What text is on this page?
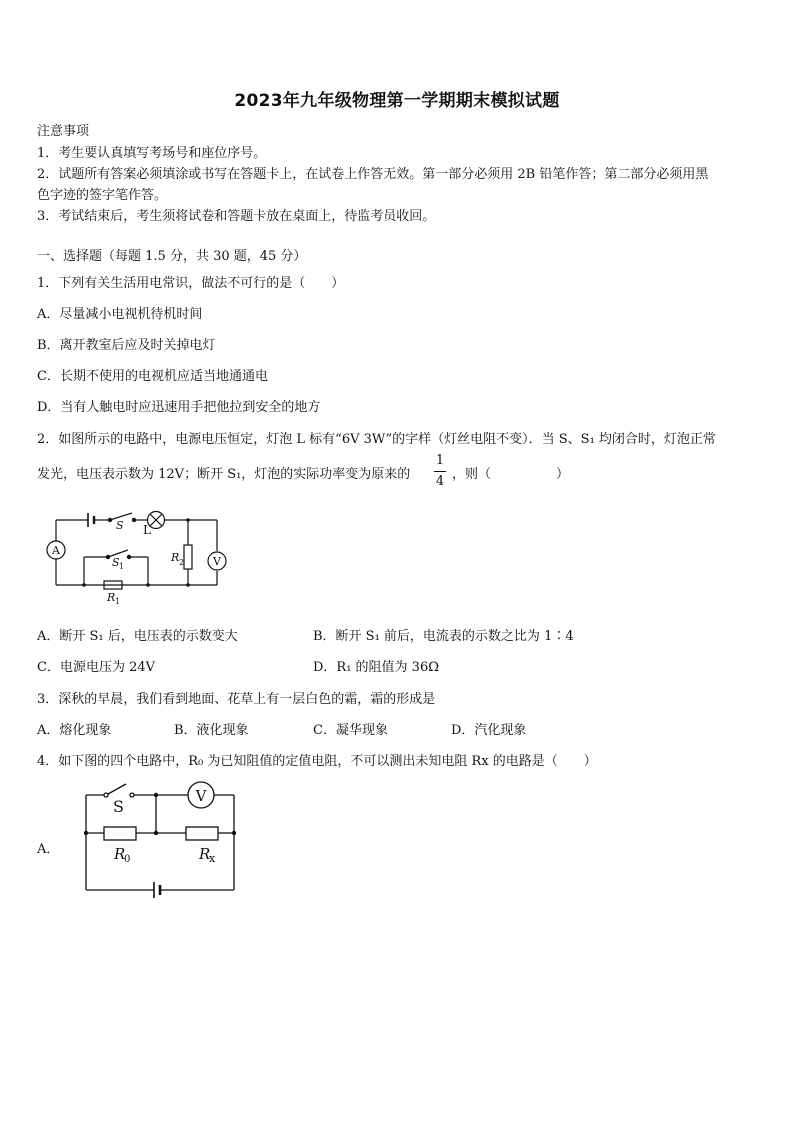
2023年九年级物理第一学期期末模拟试题
注意事项
1．考生要认真填写考场号和座位序号。
2．试题所有答案必须填涂或书写在答题卡上，在试卷上作答无效。第一部分必须用 2B 铅笔作答；第二部分必须用黑
色字迹的签字笔作答。
3．考试结束后，考生须将试卷和答题卡放在桌面上，待监考员收回。
一、选择题（每题 1.5 分，共 30 题，45 分）
1．下列有关生活用电常识，做法不可行的是（　　）
A．尽量减小电视机待机时间
B．离开教室后应及时关掉电灯
C．长期不使用的电视机应适当地通通电
D．当有人触电时应迅速用手把他拉到安全的地方
2．如图所示的电路中，电源电压恒定，灯泡 L 标有“6V 3W”的字样（灯丝电阻不变）．当 S、S₁ 均闭合时，灯泡正常
发光，电压表示数为 12V；断开 S₁，灯泡的实际功率变为原来的
1
4 ，则（　　　　　）
A
V
S L
S 1
R 2
R 1
A．断开 S₁ 后，电压表的示数变大	B．断开 S₁ 前后，电流表的示数之比为 1∶4
C．电源电压为 24V	D．R₁ 的阻值为 36Ω
3．深秋的早晨，我们看到地面、花草上有一层白色的霜，霜的形成是
A．熔化现象	B．液化现象	C．凝华现象	D．汽化现象
4．如下图的四个电路中，R₀ 为已知阻值的定值电阻，不可以测出未知电阻 Rx 的电路是（　　）
A．
S
V
R
0	R
x
